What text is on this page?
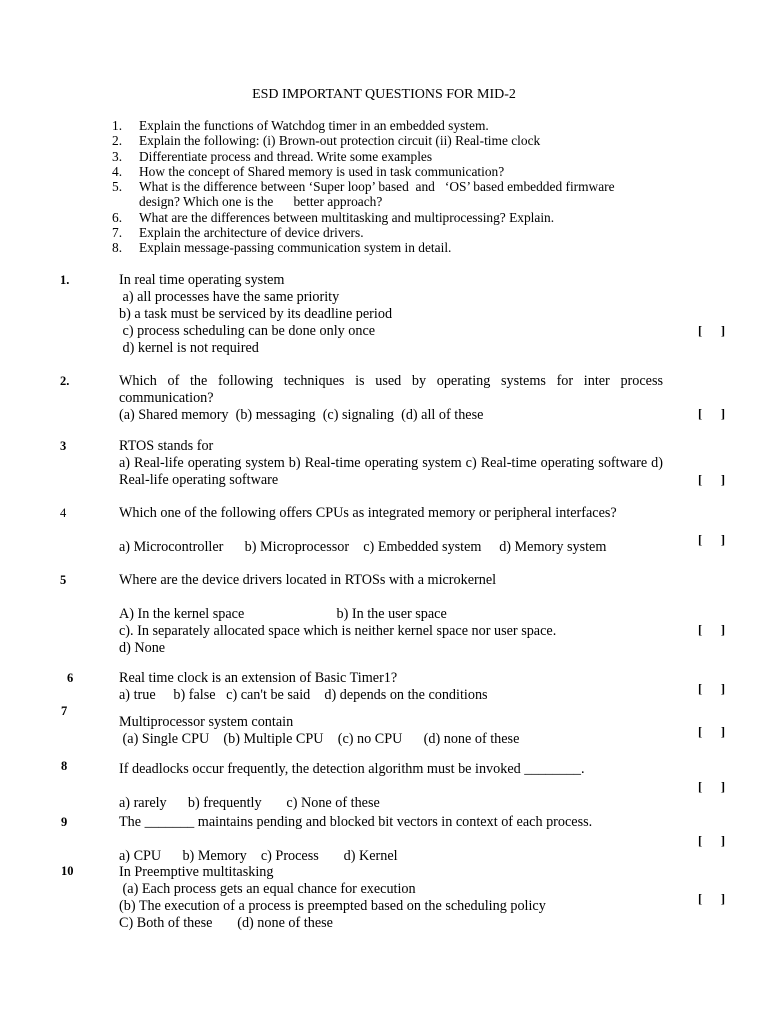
ESD IMPORTANT QUESTIONS FOR MID-2
1.	Explain the functions of Watchdog timer in an embedded system.
2.	Explain the following: (i) Brown-out protection circuit (ii) Real-time clock
3.	Differentiate process and thread. Write some examples
4.	How the concept of Shared memory is used in task communication?
5.	What is the difference between ‘Super loop’ based  and   ‘OS’ based embedded firmware
design? Which one is the      better approach?
6.	What are the differences between multitasking and multiprocessing? Explain.
7.	Explain the architecture of device drivers.
8.	Explain message-passing communication system in detail.
1.	In real time operating system
a) all processes have the same priority
b) a task must be serviced by its deadline period
c) process scheduling can be done only once
d) kernel is not required
[      ]
2.	Which of the following techniques is used by operating systems for inter process communication?
(a) Shared memory  (b) messaging  (c) signaling  (d) all of these	[      ]
3	RTOS stands for
a) Real-life operating system b) Real-time operating system c) Real-time operating software d) Real-life operating software	[      ]
4	Which one of the following offers CPUs as integrated memory or peripheral interfaces?
a) Microcontroller      b) Microprocessor    c) Embedded system     d) Memory system	[      ]
5	Where are the device drivers located in RTOSs with a microkernel
A) In the kernel space                          b) In the user space
c). In separately allocated space which is neither kernel space nor user space.
d) None
[      ]
6	Real time clock is an extension of Basic Timer1?
a) true     b) false   c) can't be said    d) depends on the conditions	[      ]
7
Multiprocessor system contain
(a) Single CPU    (b) Multiple CPU    (c) no CPU      (d) none of these	[      ]
8	If deadlocks occur frequently, the detection algorithm must be invoked ________.
a) rarely      b) frequently       c) None of these
[      ]
9	The _______ maintains pending and blocked bit vectors in context of each process.
a) CPU      b) Memory    c) Process       d) Kernel
[      ]
10	In Preemptive multitasking
(a) Each process gets an equal chance for execution
(b) The execution of a process is preempted based on the scheduling policy
C) Both of these       (d) none of these
[      ]
